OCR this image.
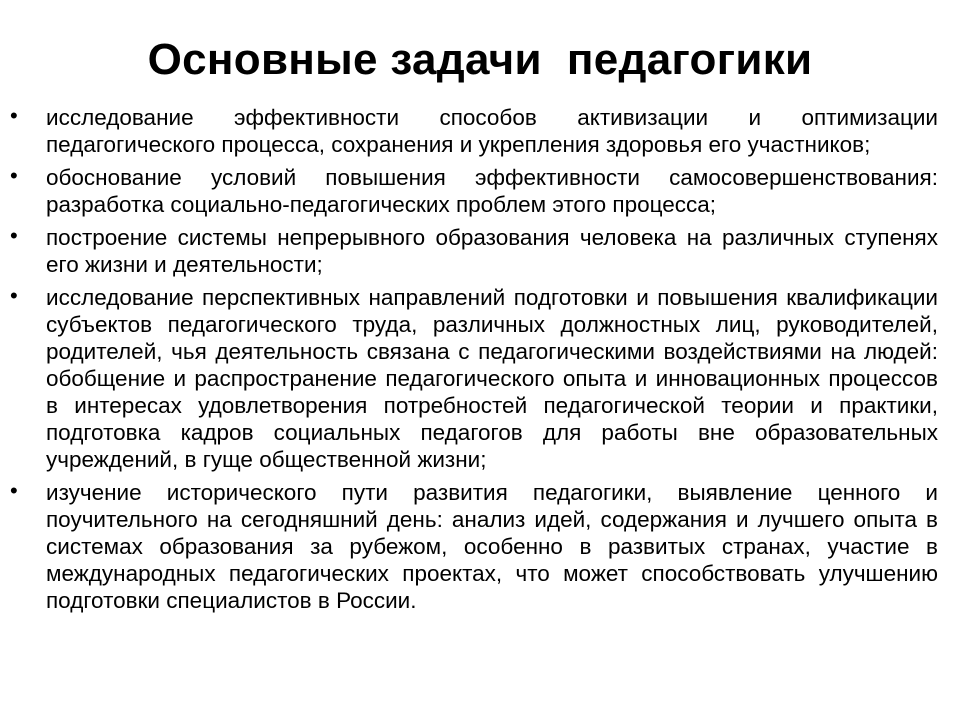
Основные задачи  педагогики
•	исследование эффективности способов активизации и оптимизации педагогического процесса, сохранения и укрепления здоровья его участников;
•	обоснование условий повышения эффективности самосовершенствования: разработка социально-педагогических проблем этого процесса;
•	построение системы непрерывного образования человека на различных ступенях его жизни и деятельности;
•	исследование перспективных направлений подготовки и повышения квалификации субъектов педагогического труда, различных должностных лиц, руководителей, родителей, чья деятельность связана с педагогическими воздействиями на людей: обобщение и распространение педагогического опыта и инновационных процессов в интересах удовлетворения потребностей педагогической теории и практики, подготовка кадров социальных педагогов для работы вне образовательных учреждений, в гуще общественной жизни;
•	изучение исторического пути развития педагогики, выявление ценного и поучительного на сегодняшний день: анализ идей, содержания и лучшего опыта в системах образования за рубежом, особенно в развитых странах, участие в международных педагогических проектах, что может способствовать улучшению подготовки специалистов в России.
